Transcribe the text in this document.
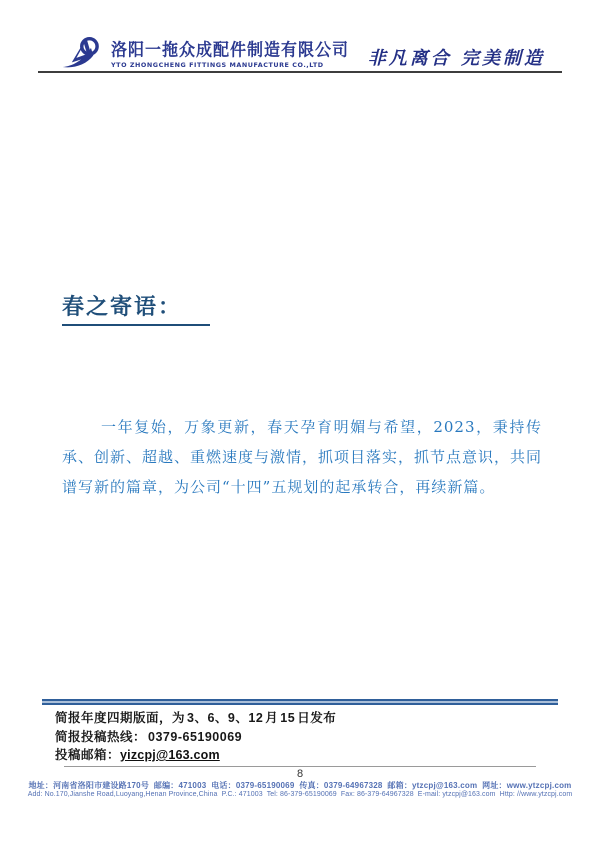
洛阳一拖众成配件制造有限公司
YTO ZHONGCHENG FITTINGS MANUFACTURE CO.,LTD	非凡离合 完美制造
春之寄语：

一年复始，万象更新，春天孕育明媚与希望，2023，秉持传承、创新、超越、重燃速度与激情，抓项目落实，抓节点意识，共同谱写新的篇章，为公司“十四”五规划的起承转合，再续新篇。

简报年度四期版面，为 3、6、9、12 月 15 日发布
简报投稿热线： 0379-65190069
投稿邮箱：yizcpj@163.com
8
地址：河南省洛阳市建设路170号  邮编：471003  电话：0379-65190069  传真：0379-64967328  邮箱：ytzcpj@163.com  网址：www.ytzcpj.com
Add: No.170,Jianshe Road,Luoyang,Henan Province,China  P.C.: 471003  Tel: 86-379-65190069  Fax: 86-379-64967328  E-mail: ytzcpj@163.com  Http: //www.ytzcpj.com
